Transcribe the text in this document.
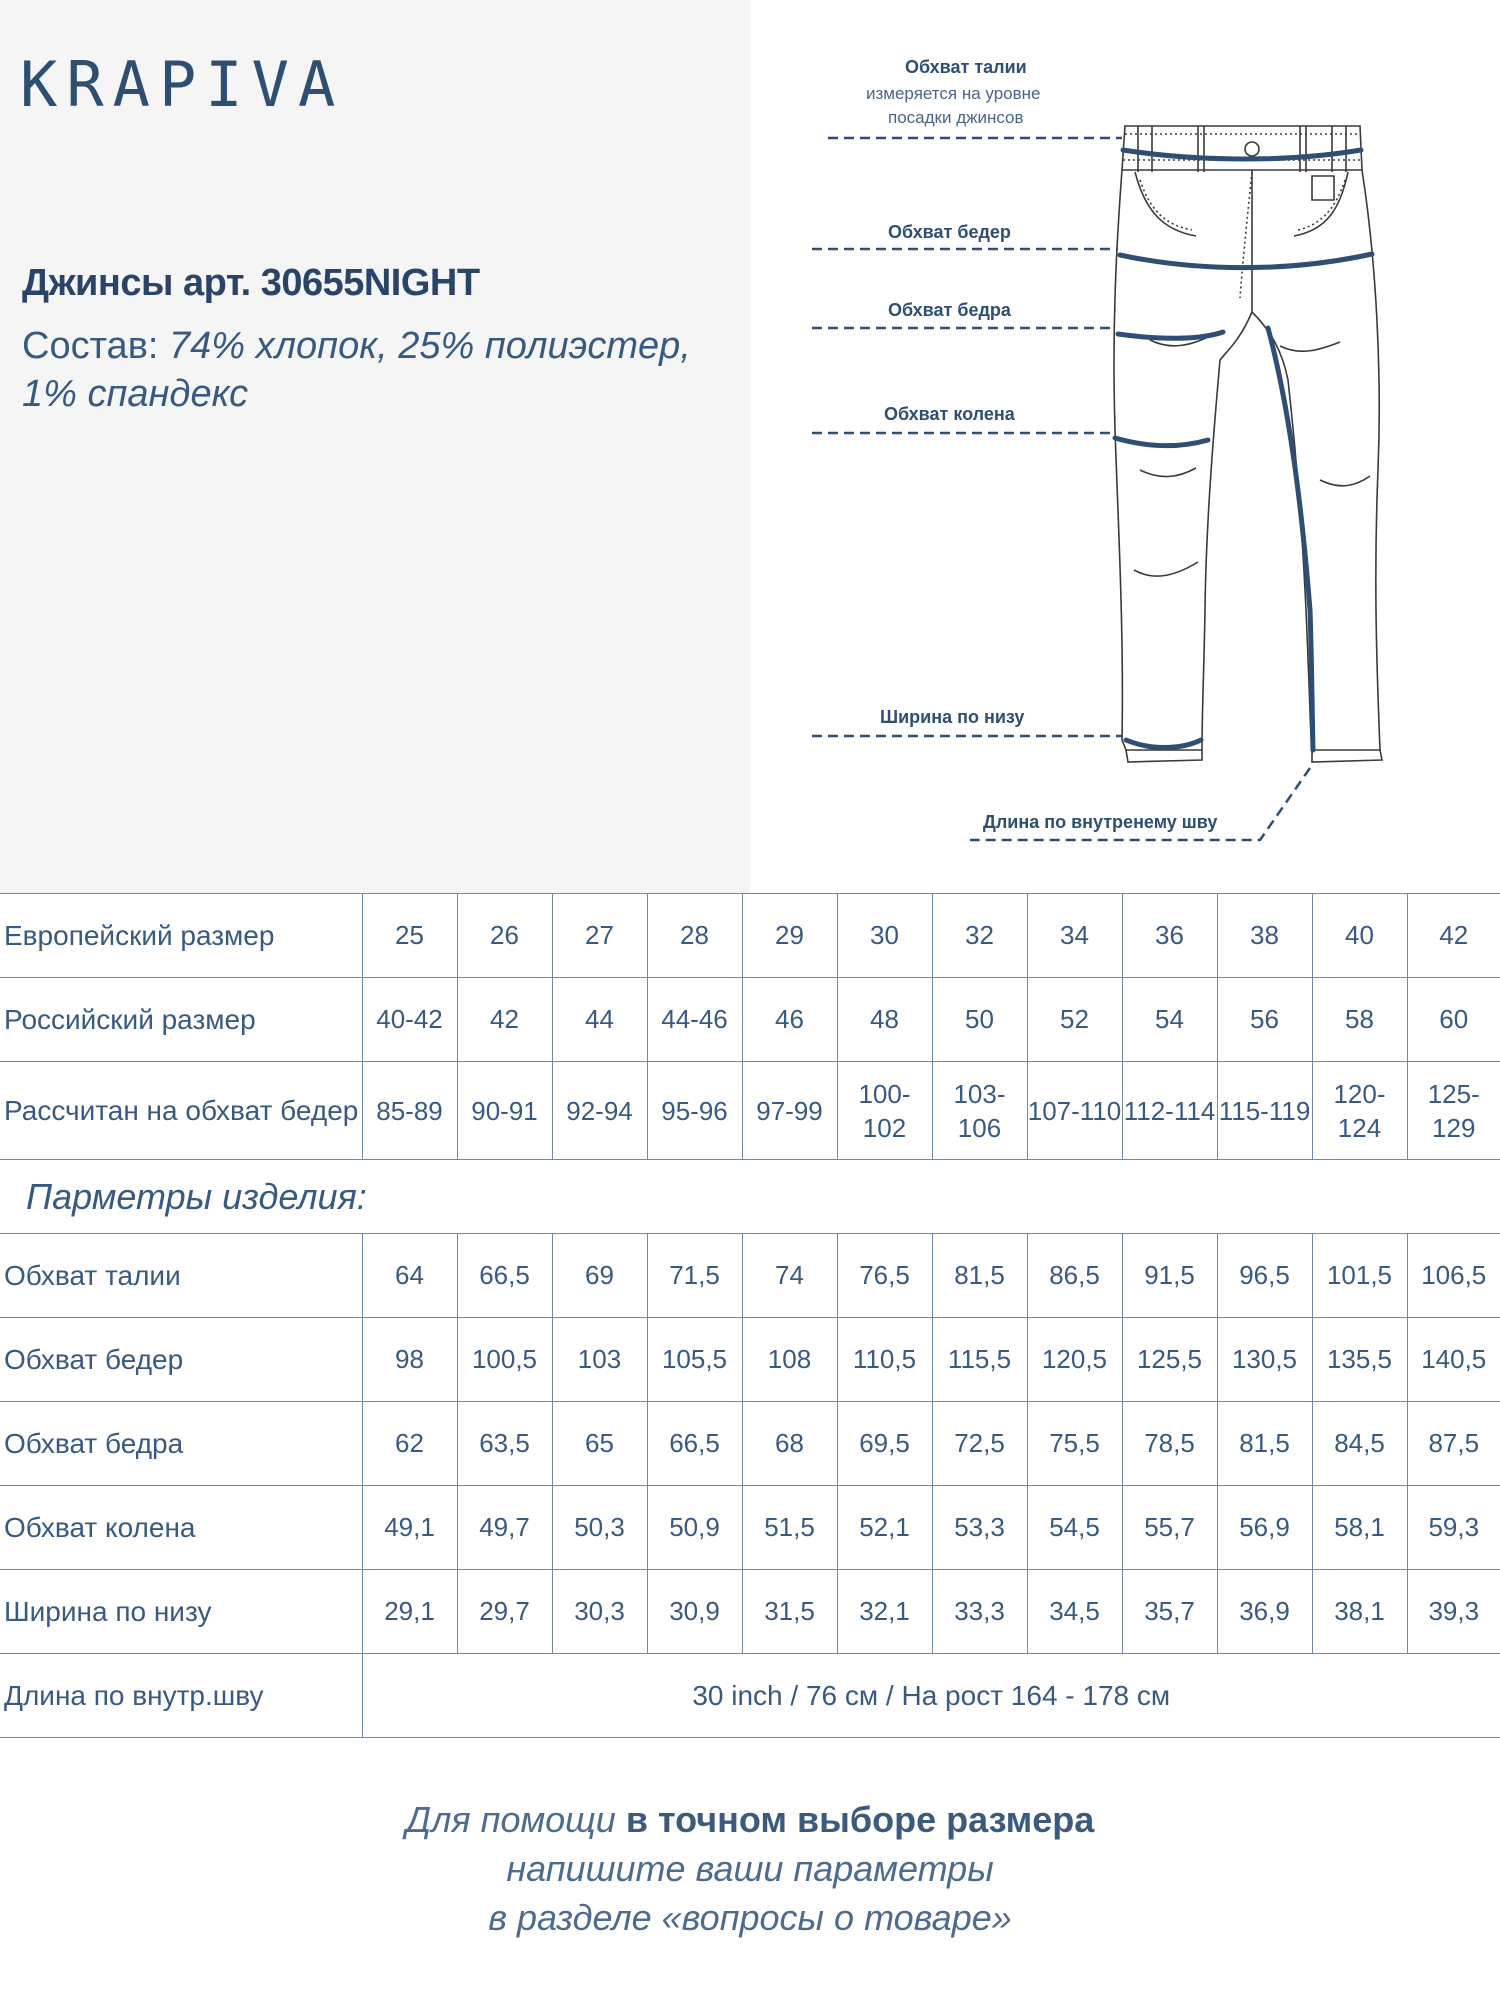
KRAPIVA
Джинсы арт. 30655NIGHT

Состав: 74% хлопок, 25% полиэстер,
1% спандекс

Обхват талии
измеряется на уровне
посадки джинсов
Обхват бедер
Обхват бедра
Обхват колена
Ширина по низу
Длина по внутренему шву
Европейский размер	25	26	27	28	29	30	32	34	36	38	40	42
Российский размер	40-42	42	44	44-46	46	48	50	52	54	56	58	60
Рассчитан на обхват бедер	85-89	90-91	92-94	95-96	97-99	100-102	103-106	107-110	112-114	115-119	120-124	125-129
Парметры изделия:												
Обхват талии	64	66,5	69	71,5	74	76,5	81,5	86,5	91,5	96,5	101,5	106,5
Обхват бедер	98	100,5	103	105,5	108	110,5	115,5	120,5	125,5	130,5	135,5	140,5
Обхват бедра	62	63,5	65	66,5	68	69,5	72,5	75,5	78,5	81,5	84,5	87,5
Обхват колена	49,1	49,7	50,3	50,9	51,5	52,1	53,3	54,5	55,7	56,9	58,1	59,3
Ширина по низу	29,1	29,7	30,3	30,9	31,5	32,1	33,3	34,5	35,7	36,9	38,1	39,3
Длина по внутр.шву	30 inch / 76 см / На рост 164 - 178 см											
Для помощи в точном выборе размера
напишите ваши параметры
в разделе «вопросы о товаре»
